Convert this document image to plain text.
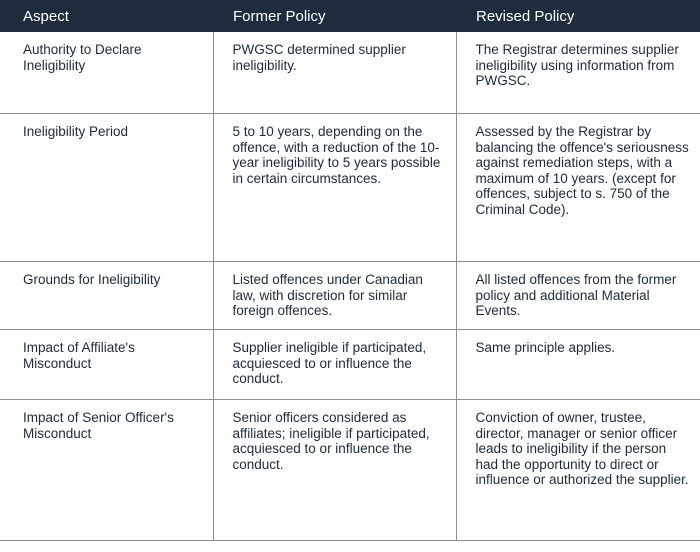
Aspect	Former Policy	Revised Policy
Authority to Declare Ineligibility	PWGSC determined supplier ineligibility.	The Registrar determines supplier ineligibility using information from PWGSC.
Ineligibility Period	5 to 10 years, depending on the offence, with a reduction of the 10-year ineligibility to 5 years possible in certain circumstances.	Assessed by the Registrar by balancing the offence's seriousness against remediation steps, with a maximum of 10 years. (except for offences, subject to s. 750 of the Criminal Code).
Grounds for Ineligibility	Listed offences under Canadian law, with discretion for similar foreign offences.	All listed offences from the former policy and additional Material Events.
Impact of Affiliate's Misconduct	Supplier ineligible if participated, acquiesced to or influence the conduct.	Same principle applies.
Impact of Senior Officer's Misconduct	Senior officers considered as affiliates; ineligible if participated, acquiesced to or influence the conduct.	Conviction of owner, trustee, director, manager or senior officer leads to ineligibility if the person had the opportunity to direct or influence or authorized the supplier.
